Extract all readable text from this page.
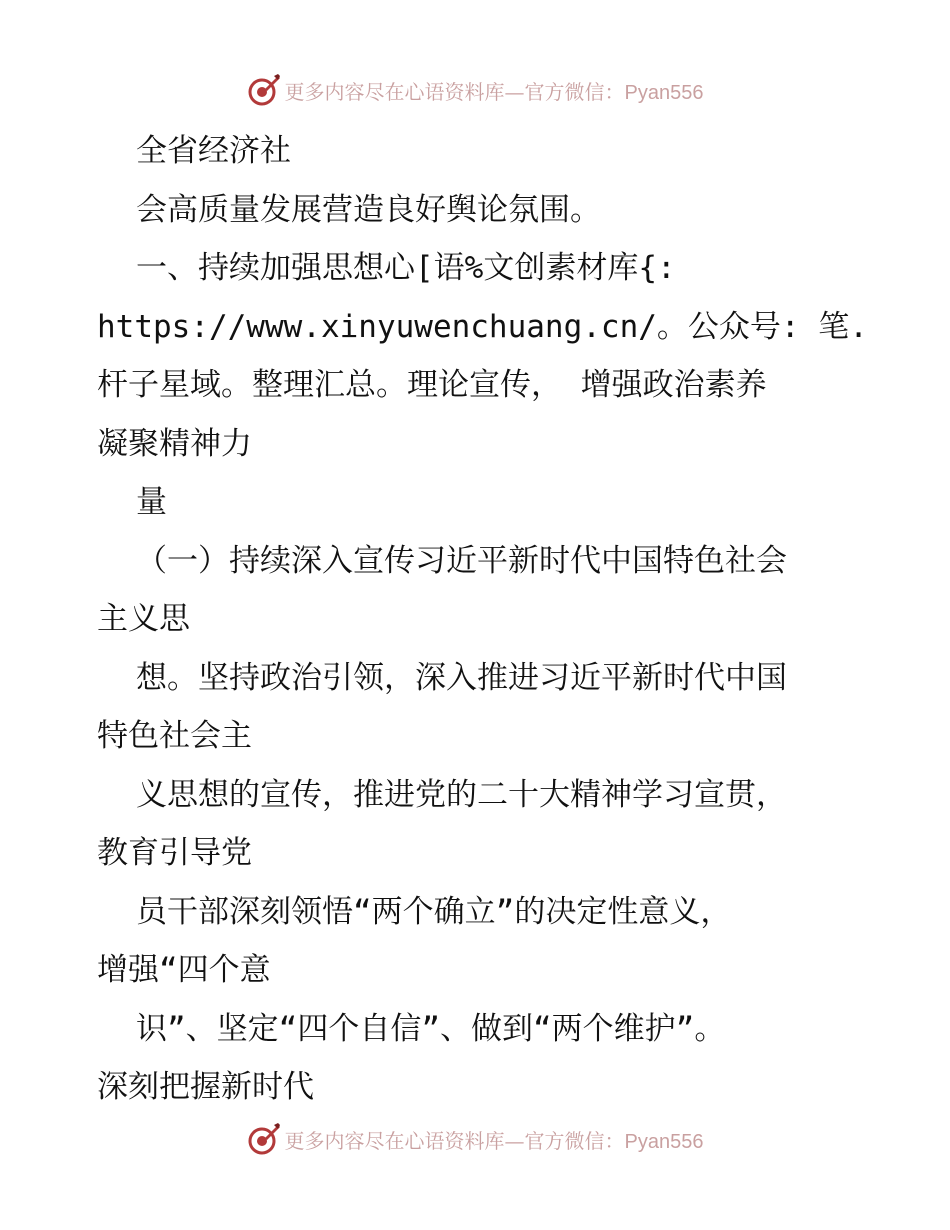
更多内容尽在心语资料库—官方微信：Pyan556
全省经济社
会高质量发展营造良好舆论氛围。
一、持续加强思想心[语%文创素材库{:
https://www.xinyuwenchuang.cn/。公众号: 笔.
杆子星域。整理汇总。理论宣传， 增强政治素养
凝聚精神力
量
（一）持续深入宣传习近平新时代中国特色社会
主义思
想。坚持政治引领，深入推进习近平新时代中国
特色社会主
义思想的宣传，推进党的二十大精神学习宣贯，
教育引导党
员干部深刻领悟“两个确立”的决定性意义，
增强“四个意
识”、坚定“四个自信”、做到“两个维护”。
深刻把握新时代
更多内容尽在心语资料库—官方微信：Pyan556
